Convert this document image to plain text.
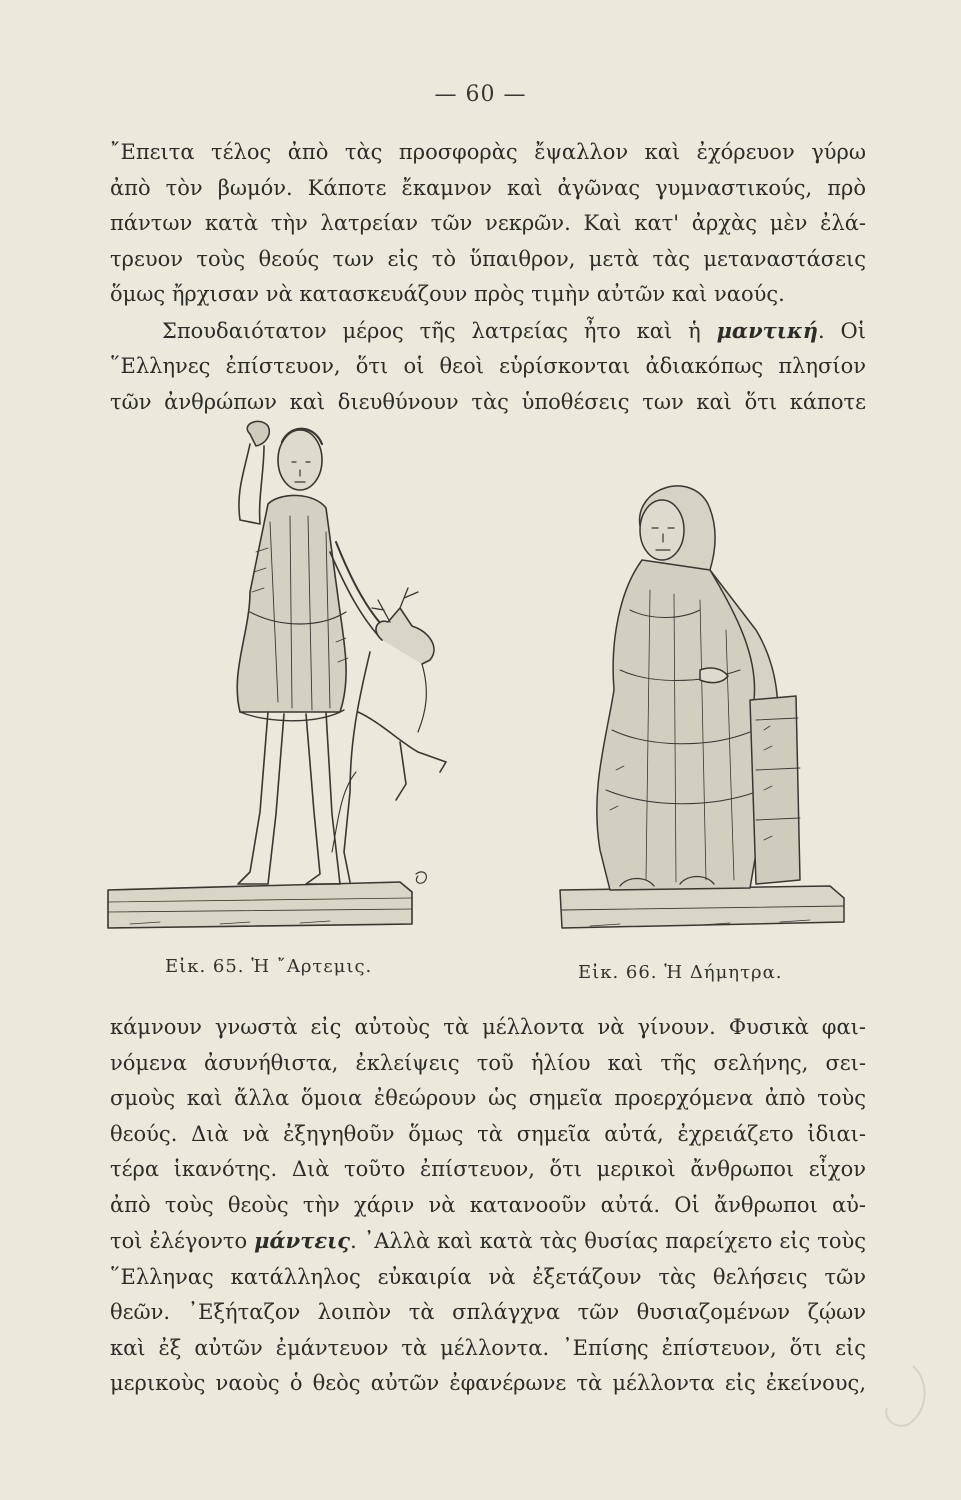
— 60 —

῎Επειτα τέλος ἀπὸ τὰς προσφορὰς ἔψαλλον καὶ ἐχόρευον γύρω
ἀπὸ τὸν βωμόν. Κάποτε ἔκαμνον καὶ ἀγῶνας γυμναστικούς, πρὸ
πάντων κατὰ τὴν λατρείαν τῶν νεκρῶν. Καὶ κατ' ἀρχὰς μὲν ἐλά-
τρευον τοὺς θεούς των εἰς τὸ ὕπαιθρον, μετὰ τὰς μεταναστάσεις
ὅμως ἤρχισαν νὰ κατασκευάζουν πρὸς τιμὴν αὐτῶν καὶ ναούς.

Σπουδαιότατον μέρος τῆς λατρείας ἦτο καὶ ἡ μαντική. Οἱ
῞Ελληνες ἐπίστευον, ὅτι οἱ θεοὶ εὑρίσκονται ἀδιακόπως πλησίον
τῶν ἀνθρώπων καὶ διευθύνουν τὰς ὑποθέσεις των καὶ ὅτι κάποτε

Εἰκ. 65. Ἡ ῎Αρτεμις.	Εἰκ. 66. Ἡ Δήμητρα.

κάμνουν γνωστὰ εἰς αὐτοὺς τὰ μέλλοντα νὰ γίνουν. Φυσικὰ φαι-
νόμενα ἀσυνήθιστα, ἐκλείψεις τοῦ ἡλίου καὶ τῆς σελήνης, σει-
σμοὺς καὶ ἄλλα ὅμοια ἐθεώρουν ὡς σημεῖα προερχόμενα ἀπὸ τοὺς
θεούς. Διὰ νὰ ἐξηγηθοῦν ὅμως τὰ σημεῖα αὐτά, ἐχρειάζετο ἰδιαι-
τέρα ἱκανότης. Διὰ τοῦτο ἐπίστευον, ὅτι μερικοὶ ἄνθρωποι εἶχον
ἀπὸ τοὺς θεοὺς τὴν χάριν νὰ κατανοοῦν αὐτά. Οἱ ἄνθρωποι αὐ-
τοὶ ἐλέγοντο μάντεις. ᾿Αλλὰ καὶ κατὰ τὰς θυσίας παρείχετο εἰς τοὺς
῞Ελληνας κατάλληλος εὐκαιρία νὰ ἐξετάζουν τὰς θελήσεις τῶν
θεῶν. ᾿Εξήταζον λοιπὸν τὰ σπλάγχνα τῶν θυσιαζομένων ζῴων
καὶ ἐξ αὐτῶν ἐμάντευον τὰ μέλλοντα. ᾿Επίσης ἐπίστευον, ὅτι εἰς
μερικοὺς ναοὺς ὁ θεὸς αὐτῶν ἐφανέρωνε τὰ μέλλοντα εἰς ἐκείνους,
